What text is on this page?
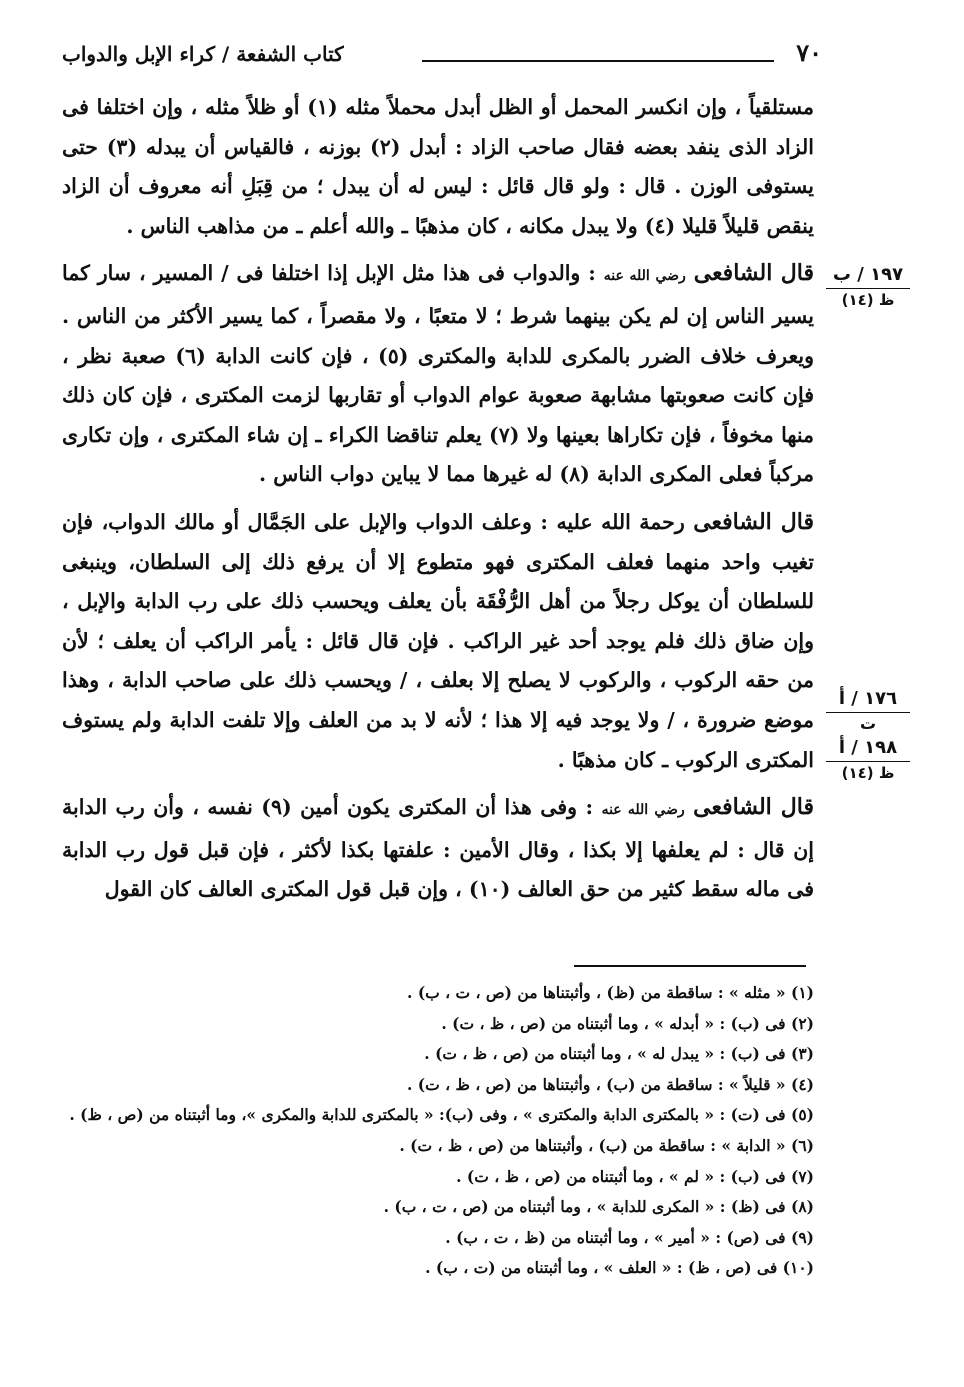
٧٠
كتاب الشفعة / كراء الإبل والدواب

مستلقياً ، وإن انكسر المحمل أو الظل أبدل محملاً مثله (١) أو ظلاً مثله ، وإن اختلفا فى الزاد الذى ينفد بعضه فقال صاحب الزاد : أبدل (٢) بوزنه ، فالقياس أن يبدله (٣) حتى يستوفى الوزن . قال : ولو قال قائل : ليس له أن يبدل ؛ من قِبَلِ أنه معروف أن الزاد ينقص قليلاً قليلا (٤) ولا يبدل مكانه ، كان مذهبًا ـ والله أعلم ـ من مذاهب الناس .

قال الشافعى رضي الله عنه : والدواب فى هذا مثل الإبل إذا اختلفا فى / المسير ، سار كما يسير الناس إن لم يكن بينهما شرط ؛ لا متعبًا ، ولا مقصراً ، كما يسير الأكثر من الناس . ويعرف خلاف الضرر بالمكرى للدابة والمكترى (٥) ، فإن كانت الدابة (٦) صعبة نظر ، فإن كانت صعوبتها مشابهة صعوبة عوام الدواب أو تقاربها لزمت المكترى ، فإن كان ذلك منها مخوفاً ، فإن تكاراها بعينها ولا (٧) يعلم تناقضا الكراء ـ إن شاء المكترى ، وإن تكارى مركباً فعلى المكرى الدابة (٨) له غيرها مما لا يباين دواب الناس .

قال الشافعى رحمة الله عليه : وعلف الدواب والإبل على الجَمَّال أو مالك الدواب، فإن تغيب واحد منهما فعلف المكترى فهو متطوع إلا أن يرفع ذلك إلى السلطان، وينبغى للسلطان أن يوكل رجلاً من أهل الرُّفْقَة بأن يعلف ويحسب ذلك على رب الدابة والإبل ، وإن ضاق ذلك فلم يوجد أحد غير الراكب . فإن قال قائل : يأمر الراكب أن يعلف ؛ لأن من حقه الركوب ، والركوب لا يصلح إلا بعلف ، / ويحسب ذلك على صاحب الدابة ، وهذا موضع ضرورة ، / ولا يوجد فيه إلا هذا ؛ لأنه لا بد من العلف وإلا تلفت الدابة ولم يستوف المكترى الركوب ـ كان مذهبًا .

قال الشافعى رضي الله عنه : وفى هذا أن المكترى يكون أمين (٩) نفسه ، وأن رب الدابة إن قال : لم يعلفها إلا بكذا ، وقال الأمين : علفتها بكذا لأكثر ، فإن قبل قول رب الدابة فى ماله سقط كثير من حق العالف (١٠) ، وإن قبل قول المكترى العالف كان القول

١٩٧ / ب
ظ (١٤)
١٧٦ / أ
ت
١٩٨ / أ
ظ (١٤)

(١) « مثله » : ساقطة من (ظ) ، وأثبتناها من (ص ، ت ، ب) .

(٢) فى (ب) : « أبدله » ، وما أثبتناه من (ص ، ظ ، ت) .

(٣) فى (ب) : « يبدل له » ، وما أثبتناه من (ص ، ظ ، ت) .

(٤) « قليلاً » : ساقطة من (ب) ، وأثبتناها من (ص ، ظ ، ت) .

(٥) فى (ت) : « بالمكترى الدابة والمكترى » ، وفى (ب): « بالمكترى للدابة والمكرى »، وما أثبتناه من (ص ، ظ) .

(٦) « الدابة » : ساقطة من (ب) ، وأثبتناها من (ص ، ظ ، ت) .

(٧) فى (ب) : « لم » ، وما أثبتناه من (ص ، ظ ، ت) .

(٨) فى (ظ) : « المكرى للدابة » ، وما أثبتناه من (ص ، ت ، ب) .

(٩) فى (ص) : « أمير » ، وما أثبتناه من (ظ ، ت ، ب) .

(١٠) فى (ص ، ظ) : « العلف » ، وما أثبتناه من (ت ، ب) .
